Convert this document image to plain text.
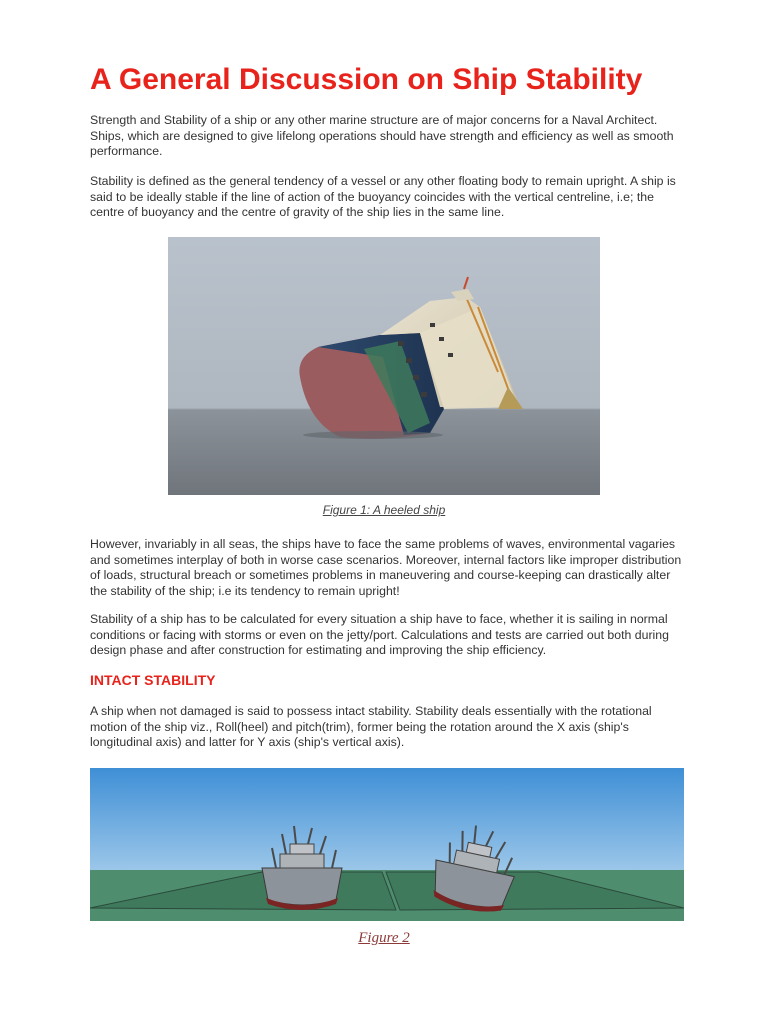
A General Discussion on Ship Stability

Strength and Stability of a ship or any other marine structure are of major concerns for a Naval Architect. Ships, which are designed to give lifelong operations should have strength and efficiency as well as smooth performance.

Stability is defined as the general tendency of a vessel or any other floating body to remain upright. A ship is said to be ideally stable if the line of action of the buoyancy coincides with the vertical centreline, i.e; the centre of buoyancy and the centre of gravity of the ship lies in the same line.

Figure 1: A heeled ship

However, invariably in all seas, the ships have to face the same problems of waves, environmental vagaries and sometimes interplay of both in worse case scenarios. Moreover, internal factors like improper distribution of loads, structural breach or sometimes problems in maneuvering and course-keeping can drastically alter the stability of the ship; i.e its tendency to remain upright!

Stability of a ship has to be calculated for every situation a ship have to face, whether it is sailing in normal conditions or facing with storms or even on the jetty/port. Calculations and tests are carried out both during design phase and after construction for estimating and improving the ship efficiency.

INTACT STABILITY

A ship when not damaged is said to possess intact stability. Stability deals essentially with the rotational motion of the ship viz., Roll(heel) and pitch(trim), former being the rotation around the X axis (ship's longitudinal axis) and latter for Y axis (ship's vertical axis).

Figure 2
